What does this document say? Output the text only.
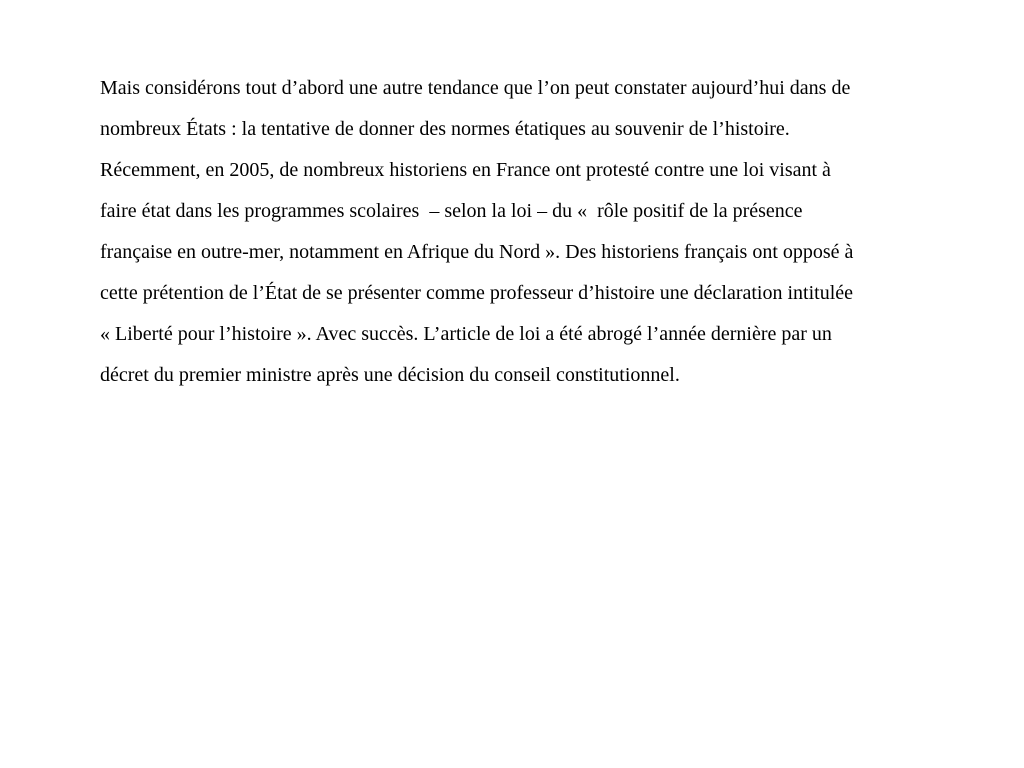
Mais considérons tout d’abord une autre tendance que l’on peut constater aujourd’hui dans de
nombreux États : la tentative de donner des normes étatiques au souvenir de l’histoire.
Récemment, en 2005, de nombreux historiens en France ont protesté contre une loi visant à
faire état dans les programmes scolaires  – selon la loi – du «  rôle positif de la présence
française en outre-mer, notamment en Afrique du Nord ». Des historiens français ont opposé à
cette prétention de l’État de se présenter comme professeur d’histoire une déclaration intitulée
« Liberté pour l’histoire ». Avec succès. L’article de loi a été abrogé l’année dernière par un
décret du premier ministre après une décision du conseil constitutionnel.
